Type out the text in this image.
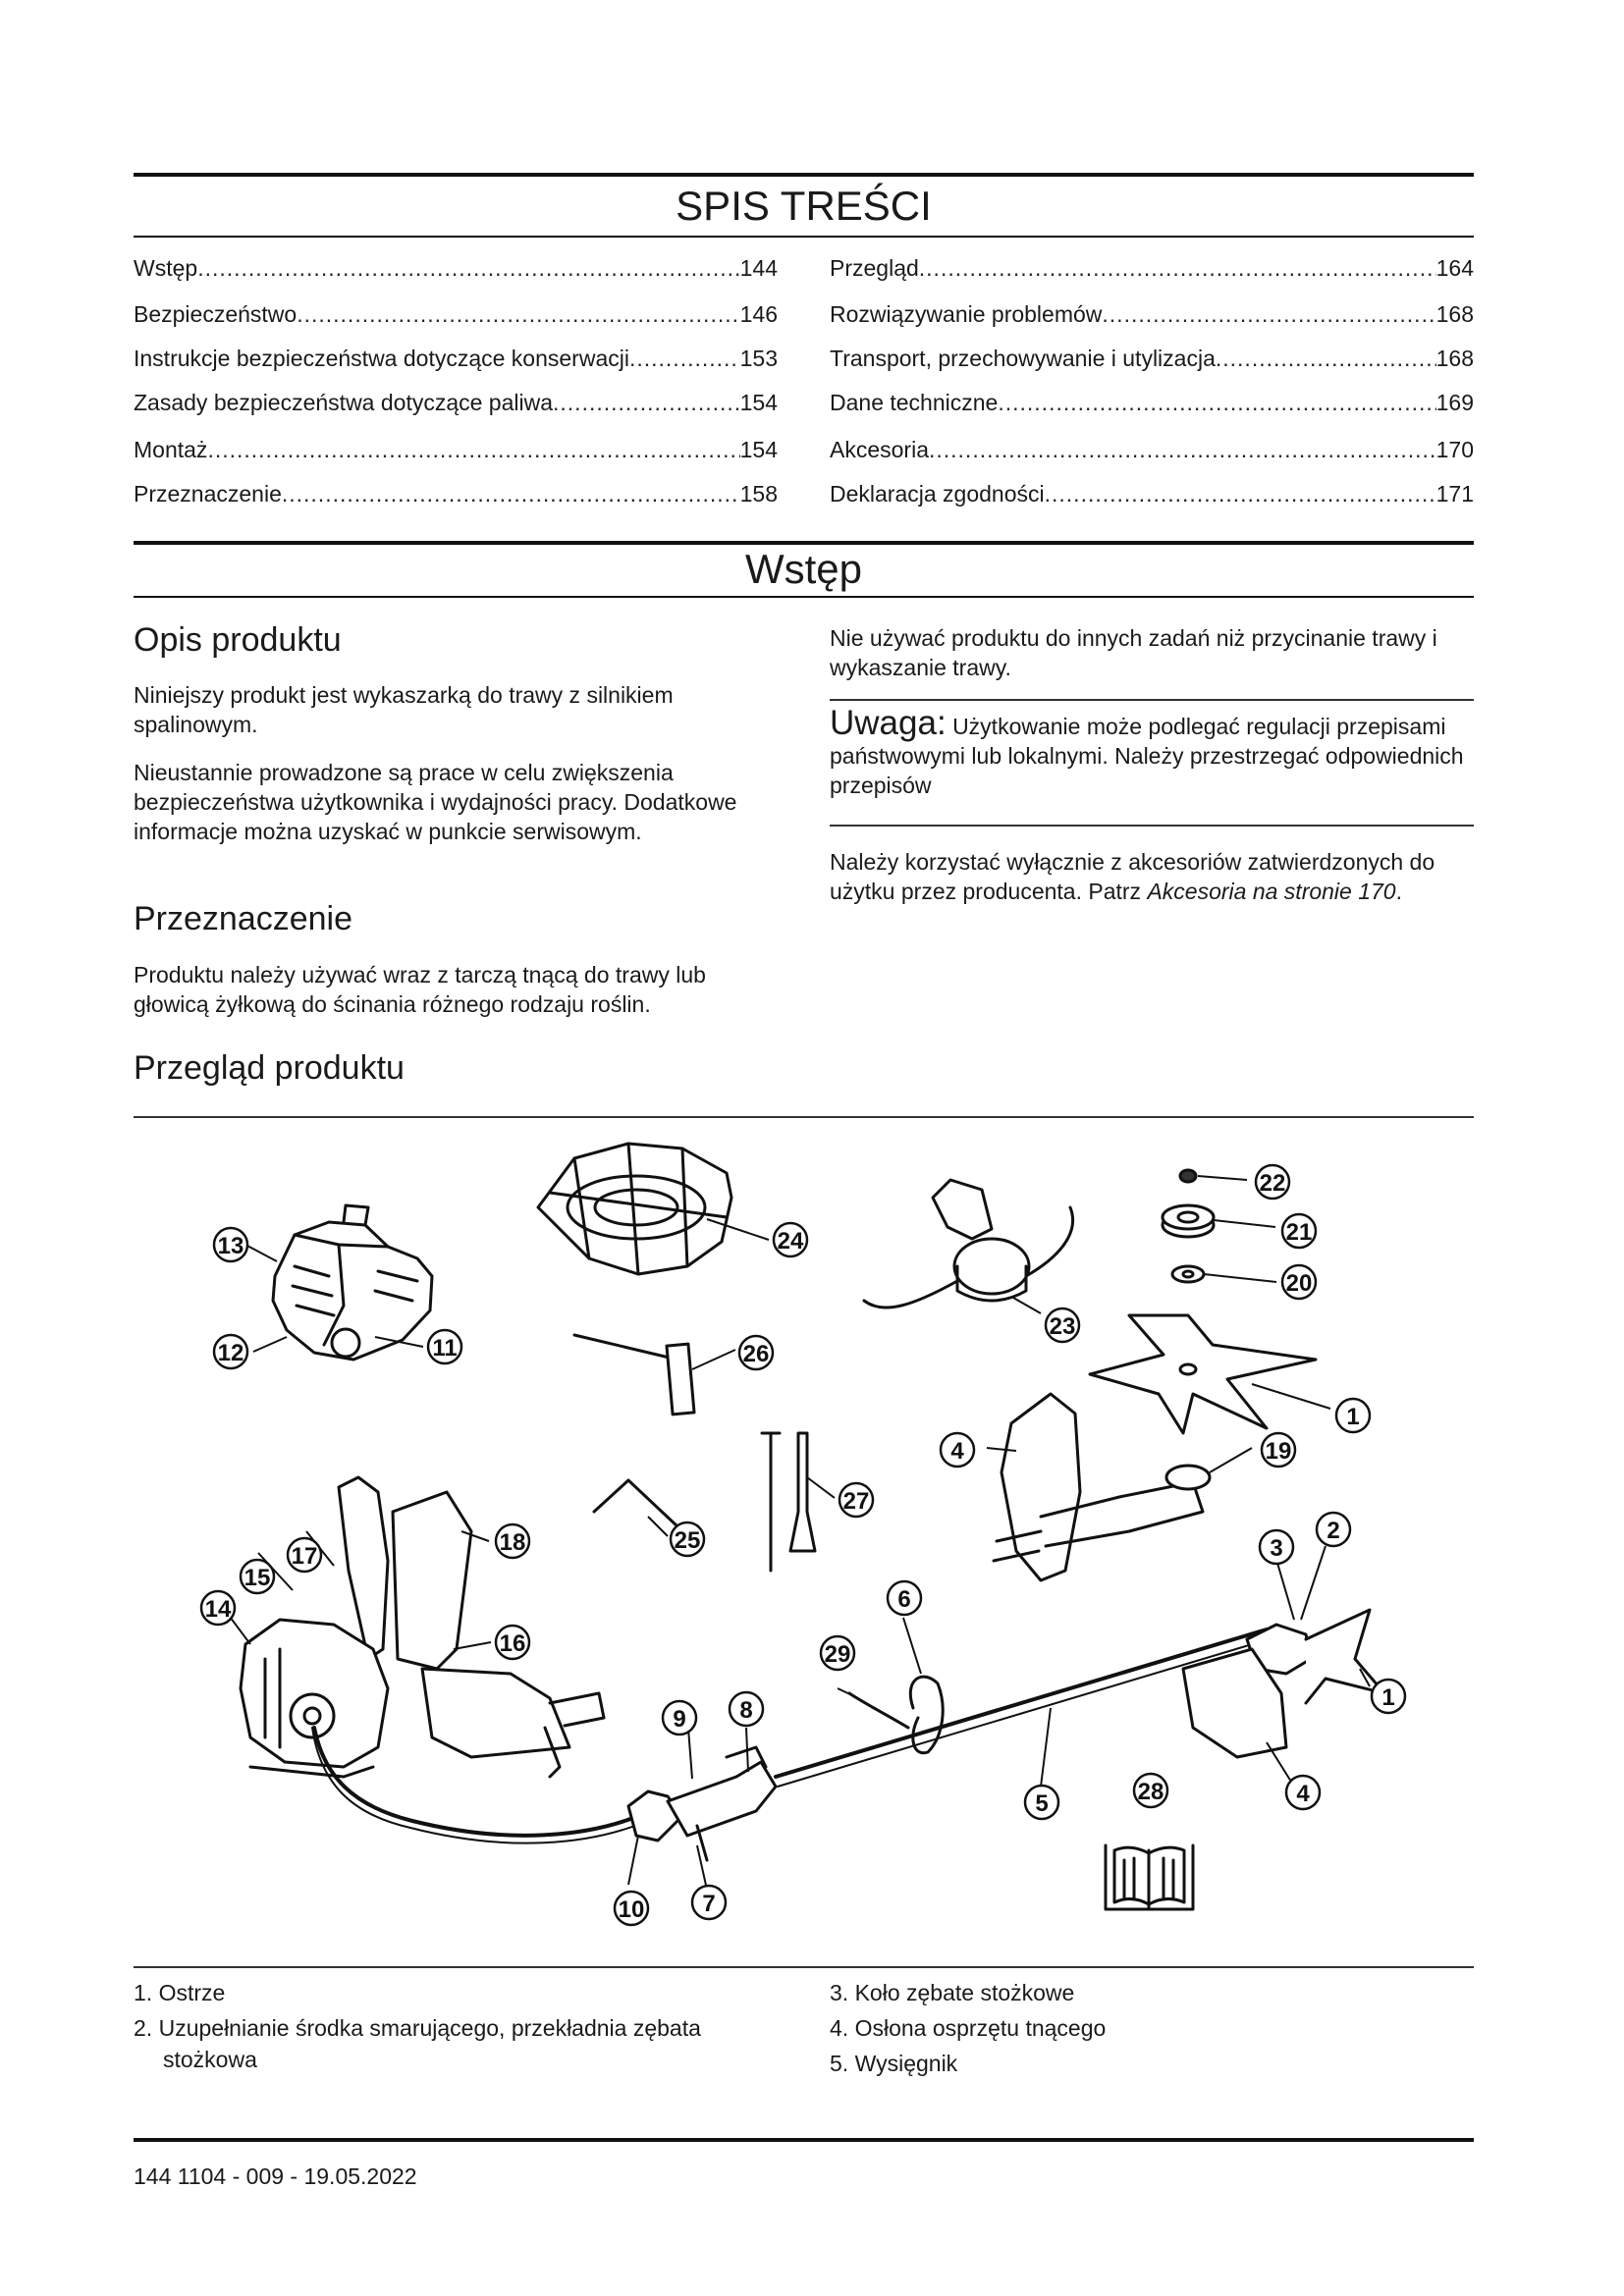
SPIS TREŚCI
Wstęp .....	144
Bezpieczeństwo .....	146
Instrukcje bezpieczeństwa dotyczące konserwacji .....	153
Zasady bezpieczeństwa dotyczące paliwa .....	154
Montaż .....	154
Przeznaczenie .....	158
Przegląd .....	164
Rozwiązywanie problemów .....	168
Transport, przechowywanie i utylizacja .....	168
Dane techniczne .....	169
Akcesoria .....	170
Deklaracja zgodności .....	171
Wstęp
Opis produktu
Niniejszy produkt jest wykaszarką do trawy z silnikiem spalinowym.
Nieustannie prowadzone są prace w celu zwiększenia bezpieczeństwa użytkownika i wydajności pracy. Dodatkowe informacje można uzyskać w punkcie serwisowym.
Przeznaczenie
Produktu należy używać wraz z tarczą tnącą do trawy lub głowicą żyłkową do ścinania różnego rodzaju roślin.
Nie używać produktu do innych zadań niż przycinanie trawy i wykaszanie trawy.
Uwaga: Użytkowanie może podlegać regulacji przepisami państwowymi lub lokalnymi. Należy przestrzegać odpowiednich przepisów
Należy korzystać wyłącznie z akcesoriów zatwierdzonych do użytku przez producenta. Patrz Akcesoria na stronie 170.
Przegląd produktu
13
12	11
24
23
26
25
27
22
21
20
1
19
4
18
17
15
14
16
6
29
2
3
1
4
5	28
8
9
7
10
1. Ostrze
2. Uzupełnianie środka smarującego, przekładnia zębata stożkowa
3. Koło zębate stożkowe
4. Osłona osprzętu tnącego
5. Wysięgnik
144 1104 - 009 - 19.05.2022
